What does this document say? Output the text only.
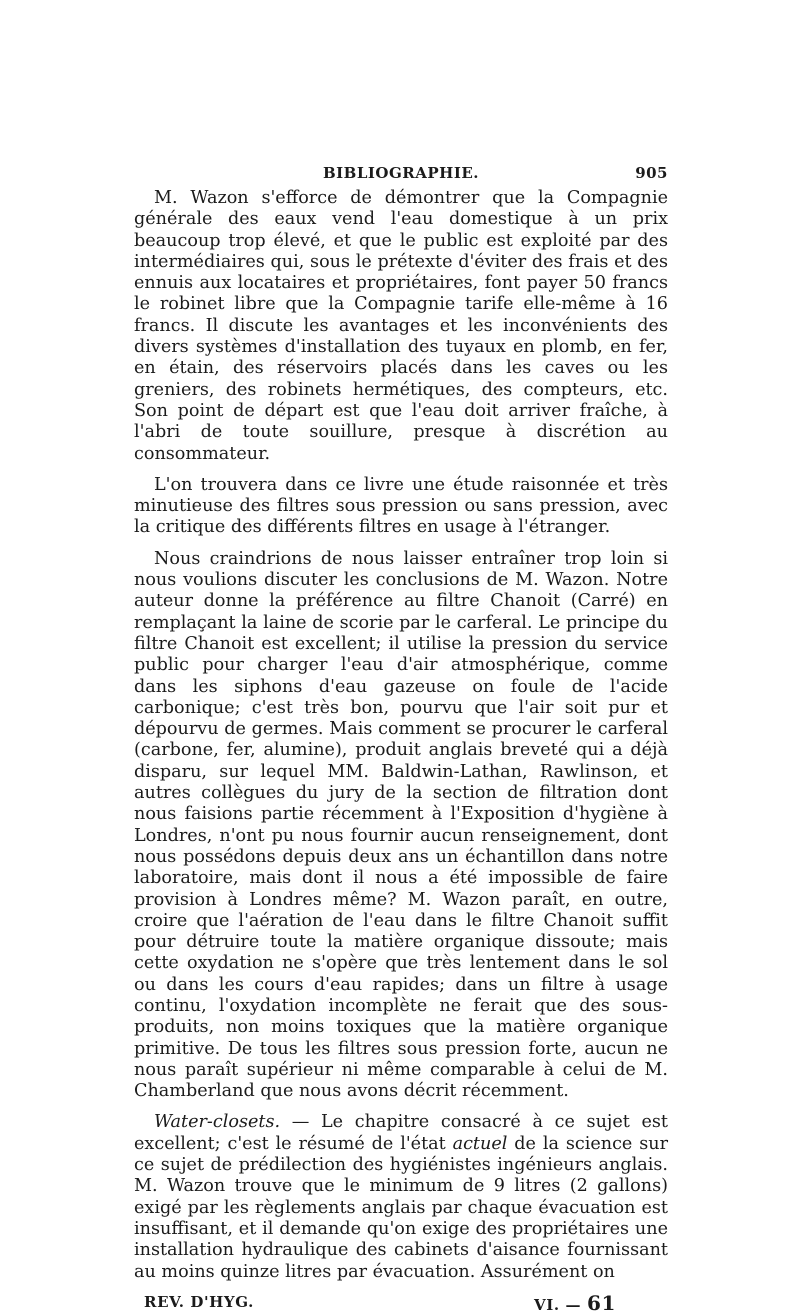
BIBLIOGRAPHIE.	905

M. Wazon s'efforce de démontrer que la Compagnie générale des eaux vend l'eau domestique à un prix beaucoup trop élevé, et que le public est exploité par des intermédiaires qui, sous le prétexte d'éviter des frais et des ennuis aux locataires et propriétaires, font payer 50 francs le robinet libre que la Compagnie tarife elle-même à 16 francs. Il discute les avantages et les inconvénients des divers systèmes d'installation des tuyaux en plomb, en fer, en étain, des réservoirs placés dans les caves ou les greniers, des robinets hermétiques, des compteurs, etc. Son point de départ est que l'eau doit arriver fraîche, à l'abri de toute souillure, presque à discrétion au consommateur.

L'on trouvera dans ce livre une étude raisonnée et très minutieuse des filtres sous pression ou sans pression, avec la critique des différents filtres en usage à l'étranger.

Nous craindrions de nous laisser entraîner trop loin si nous voulions discuter les conclusions de M. Wazon. Notre auteur donne la préférence au filtre Chanoit (Carré) en remplaçant la laine de scorie par le carferal. Le principe du filtre Chanoit est excellent; il utilise la pression du service public pour charger l'eau d'air atmosphérique, comme dans les siphons d'eau gazeuse on foule de l'acide carbonique; c'est très bon, pourvu que l'air soit pur et dépourvu de germes. Mais comment se procurer le carferal (carbone, fer, alumine), produit anglais breveté qui a déjà disparu, sur lequel MM. Baldwin-Lathan, Rawlinson, et autres collègues du jury de la section de filtration dont nous faisions partie récemment à l'Exposition d'hygiène à Londres, n'ont pu nous fournir aucun renseignement, dont nous possédons depuis deux ans un échantillon dans notre laboratoire, mais dont il nous a été impossible de faire provision à Londres même? M. Wazon paraît, en outre, croire que l'aération de l'eau dans le filtre Chanoit suffit pour détruire toute la matière organique dissoute; mais cette oxydation ne s'opère que très lentement dans le sol ou dans les cours d'eau rapides; dans un filtre à usage continu, l'oxydation incomplète ne ferait que des sous-produits, non moins toxiques que la matière organique primitive. De tous les filtres sous pression forte, aucun ne nous paraît supérieur ni même comparable à celui de M. Chamberland que nous avons décrit récemment.

Water-closets. — Le chapitre consacré à ce sujet est excellent; c'est le résumé de l'état actuel de la science sur ce sujet de prédilection des hygiénistes ingénieurs anglais. M. Wazon trouve que le minimum de 9 litres (2 gallons) exigé par les règlements anglais par chaque évacuation est insuffisant, et il demande qu'on exige des propriétaires une installation hydraulique des cabinets d'aisance fournissant au moins quinze litres par évacuation. Assurément on

REV. D'HYG.	VI. — 61
